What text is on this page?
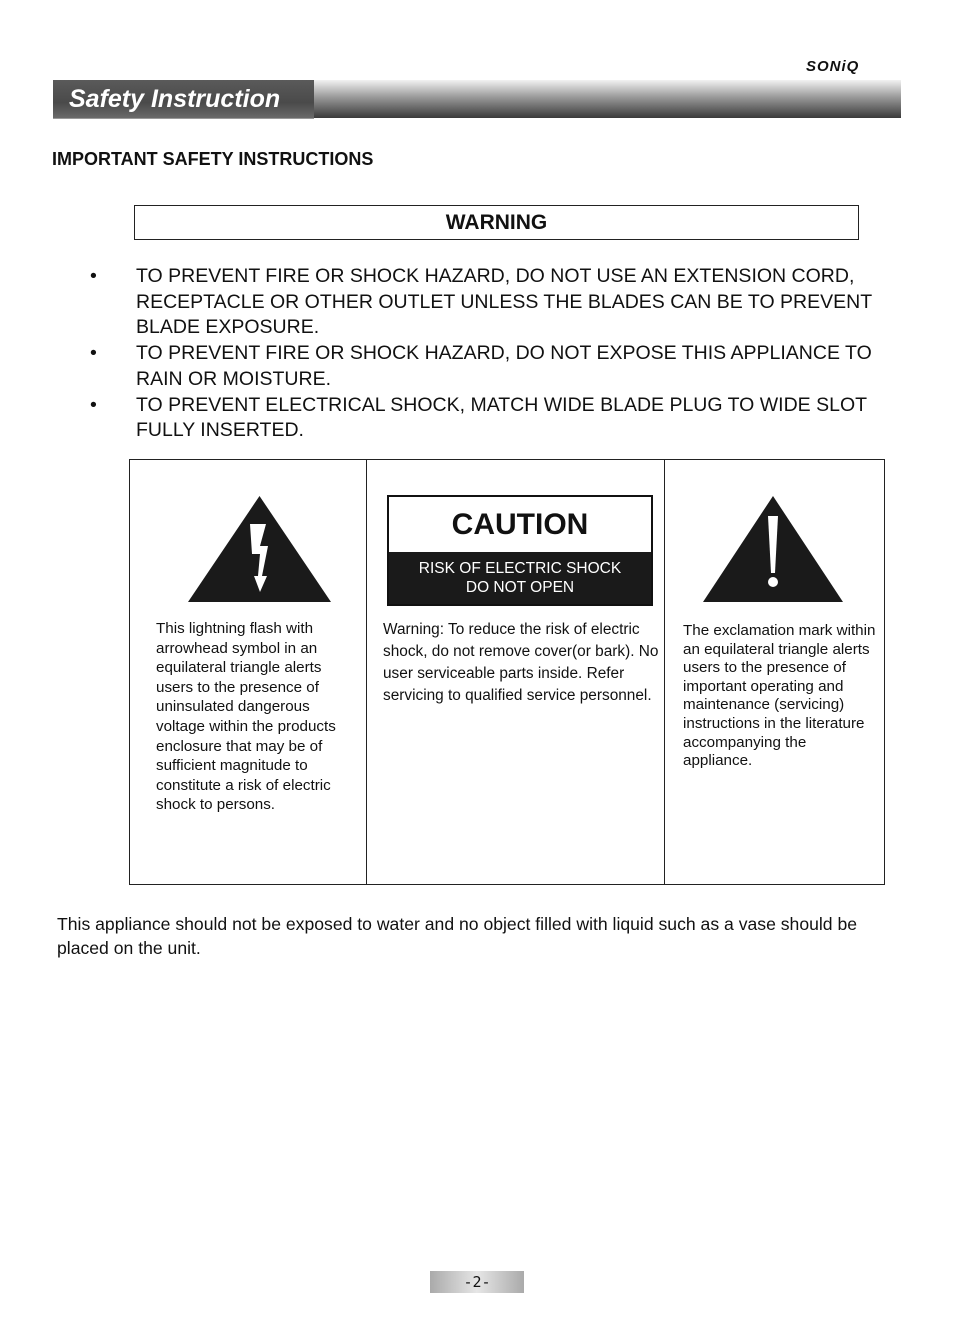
SONiQ
Safety Instruction
IMPORTANT SAFETY INSTRUCTIONS
WARNING
• TO PREVENT FIRE OR SHOCK HAZARD, DO NOT USE AN EXTENSION CORD, RECEPTACLE OR OTHER OUTLET UNLESS THE BLADES CAN BE TO PREVENT BLADE EXPOSURE.
• TO PREVENT FIRE OR SHOCK HAZARD, DO NOT EXPOSE THIS APPLIANCE TO RAIN OR MOISTURE.
• TO PREVENT ELECTRICAL SHOCK, MATCH WIDE BLADE PLUG TO WIDE SLOT FULLY INSERTED.

This lightning flash with arrowhead symbol in an equilateral triangle alerts users to the presence of uninsulated dangerous voltage within the products enclosure that may be of sufficient magnitude to constitute a risk of electric shock to persons.

CAUTION
RISK OF ELECTRIC SHOCK
DO NOT OPEN

Warning: To reduce the risk of electric shock, do not remove cover(or bark). No user serviceable parts inside. Refer servicing to qualified service personnel.

The exclamation mark within an equilateral triangle alerts users to the presence of important operating and maintenance (servicing) instructions in the literature accompanying the appliance.

This appliance should not be exposed to water and no object filled with liquid such as a vase should be placed on the unit.

-2-
